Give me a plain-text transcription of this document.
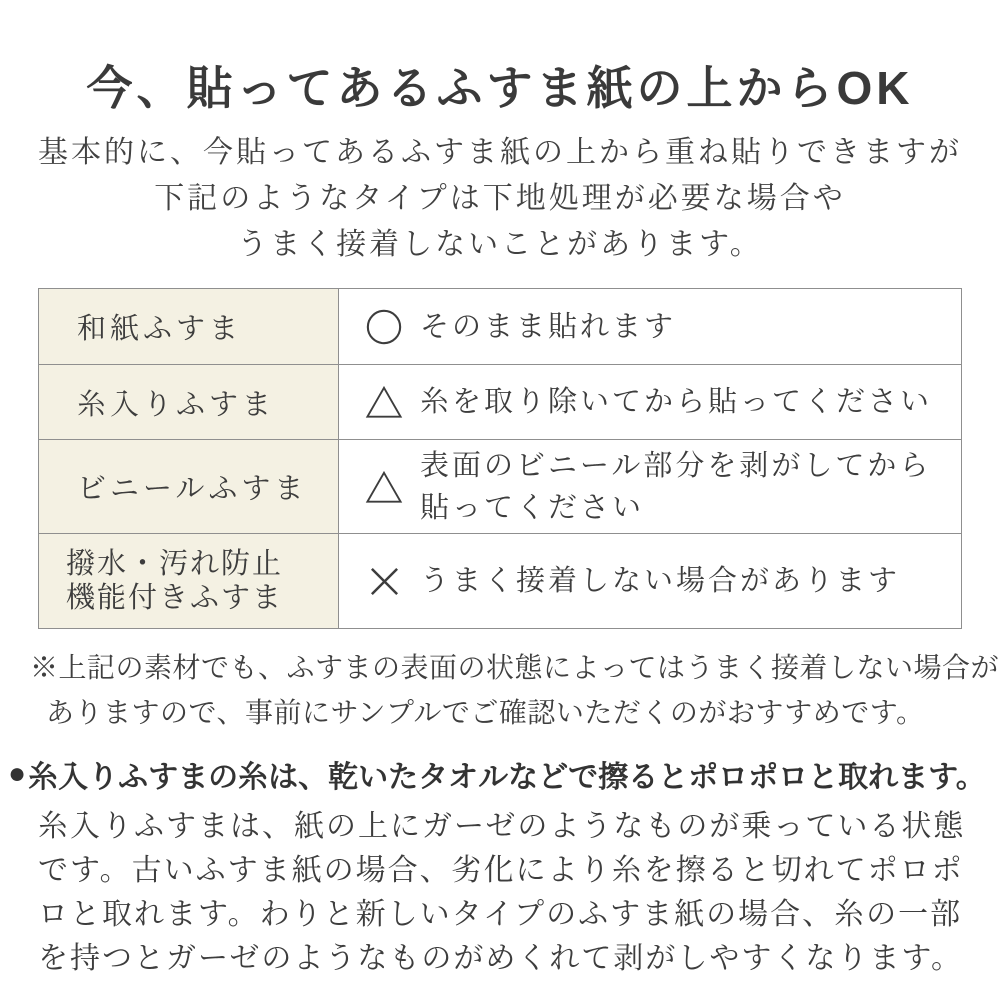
今、貼ってあるふすま紙の上からOK
基本的に、今貼ってあるふすま紙の上から重ね貼りできますが
下記のようなタイプは下地処理が必要な場合や
うまく接着しないことがあります。
和紙ふすま	そのまま貼れます
糸入りふすま	糸を取り除いてから貼ってください
ビニールふすま
表面のビニール部分を剥がしてから
貼ってください
撥水・汚れ防止
機能付きふすま
うまく接着しない場合があります
※上記の素材でも、ふすまの表面の状態によってはうまく接着しない場合が
ありますので、事前にサンプルでご確認いただくのがおすすめです。
● 糸入りふすまの糸は、乾いたタオルなどで擦るとポロポロと取れます。
糸入りふすまは、紙の上にガーゼのようなものが乗っている状態
です。古いふすま紙の場合、劣化により糸を擦ると切れてポロポ
ロと取れます。わりと新しいタイプのふすま紙の場合、糸の一部
を持つとガーゼのようなものがめくれて剥がしやすくなります。
